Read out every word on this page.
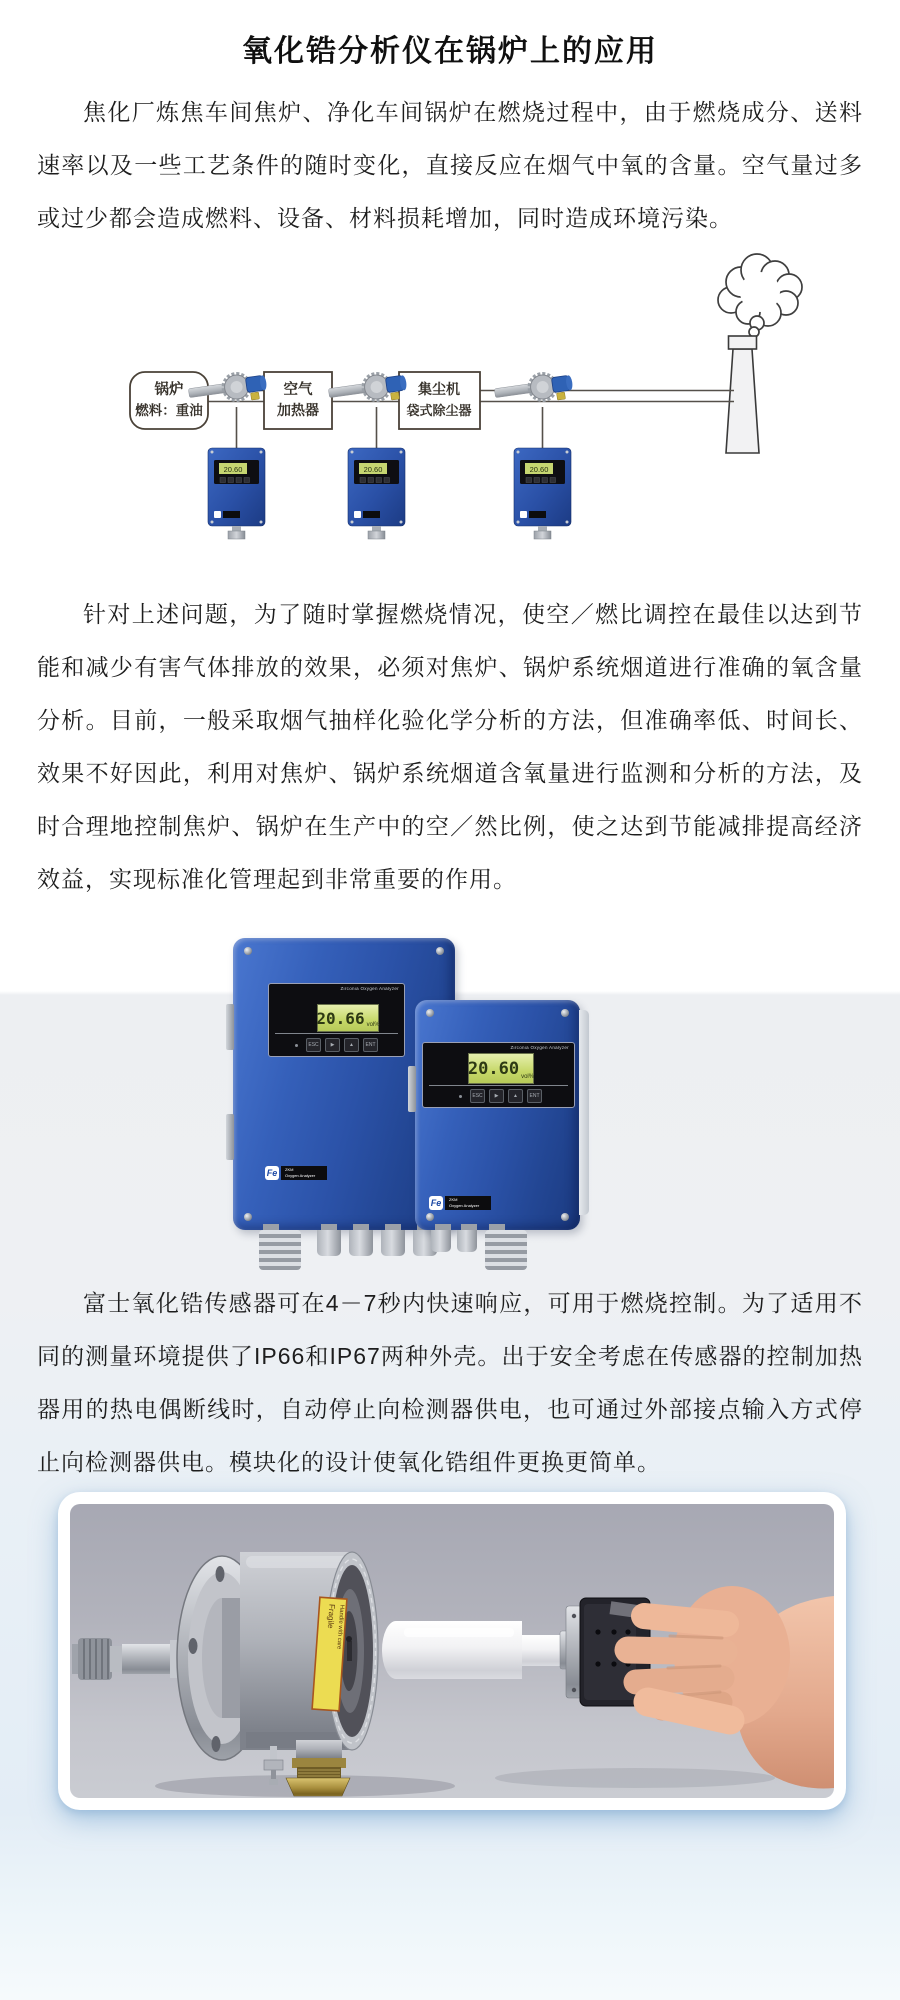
氧化锆分析仪在锅炉上的应用

焦化厂炼焦车间焦炉、净化车间锅炉在燃烧过程中，由于燃烧成分、送料速率以及一些工艺条件的随时变化，直接反应在烟气中氧的含量。空气量过多或过少都会造成燃料、设备、材料损耗增加，同时造成环境污染。

锅炉
燃料：重油
空气
加热器
集尘机
袋式除尘器
20.60	20.60	20.60

针对上述问题，为了随时掌握燃烧情况，使空／燃比调控在最佳以达到节能和减少有害气体排放的效果，必须对焦炉、锅炉系统烟道进行准确的氧含量分析。目前，一般采取烟气抽样化验化学分析的方法，但准确率低、时间长、效果不好因此，利用对焦炉、锅炉系统烟道含氧量进行监测和分析的方法，及时合理地控制焦炉、锅炉在生产中的空／然比例，使之达到节能减排提高经济效益，实现标准化管理起到非常重要的作用。

Zirconia Oxygen Analyzer
20.66 vol%
ESC	▶	▲	ENT
Fe	ZKM
Oxygen Analyzer
Zirconia Oxygen Analyzer
20.60 vol%
ESC	▶	▲	ENT
Fe	ZKM
Oxygen Analyzer

富士氧化锆传感器可在4－7秒内快速响应，可用于燃烧控制。为了适用不同的测量环境提供了IP66和IP67两种外壳。出于安全考虑在传感器的控制加热器用的热电偶断线时，自动停止向检测器供电，也可通过外部接点输入方式停止向检测器供电。模块化的设计使氧化锆组件更换更简单。

Fragile
Handle with care
